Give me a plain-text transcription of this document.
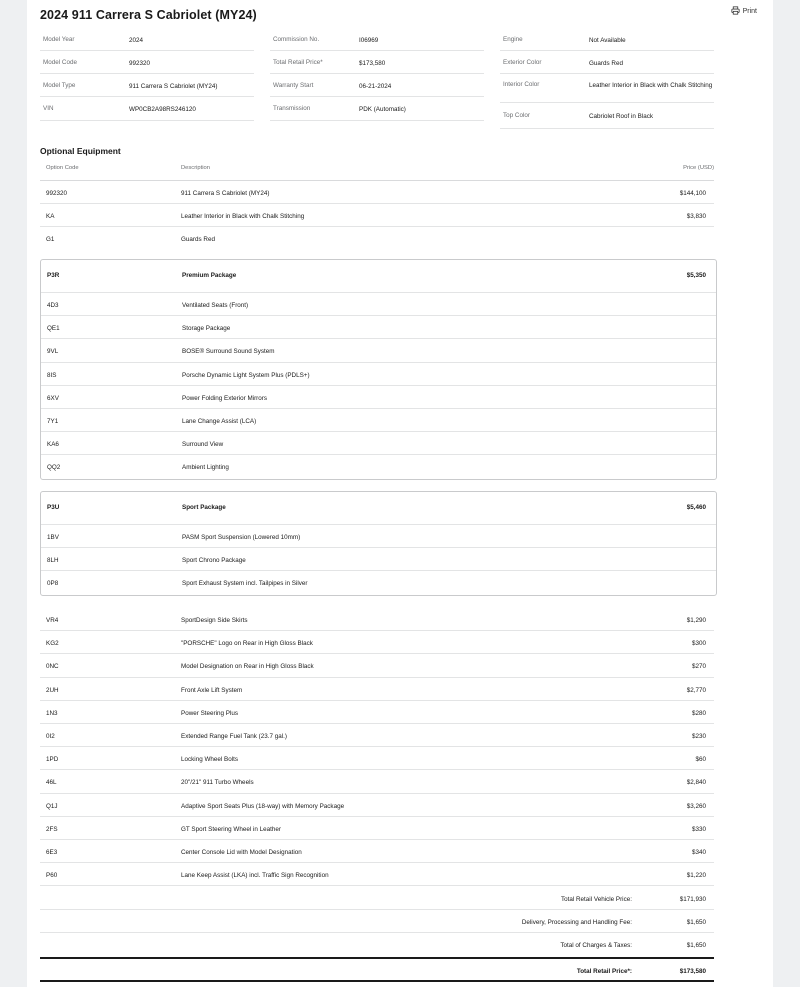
2024 911 Carrera S Cabriolet (MY24)	Print
Model Year	2024
Model Code	992320
Model Type	911 Carrera S Cabriolet (MY24)
VIN	WP0CB2A98RS246120
Commission No.	I06969
Total Retail Price*	$173,580
Warranty Start	06-21-2024
Transmission	PDK (Automatic)
Engine	Not Available
Exterior Color	Guards Red
Interior Color	Leather Interior in Black with Chalk Stitching
Top Color	Cabriolet Roof in Black
Optional Equipment
Option Code	Description	Price (USD)
992320	911 Carrera S Cabriolet (MY24)	$144,100
KA	Leather Interior in Black with Chalk Stitching	$3,830
G1	Guards Red
P3R	Premium Package	$5,350
4D3	Ventilated Seats (Front)
QE1	Storage Package
9VL	BOSE® Surround Sound System
8IS	Porsche Dynamic Light System Plus (PDLS+)
6XV	Power Folding Exterior Mirrors
7Y1	Lane Change Assist (LCA)
KA6	Surround View
QQ2	Ambient Lighting
P3U	Sport Package	$5,460
1BV	PASM Sport Suspension (Lowered 10mm)
8LH	Sport Chrono Package
0P8	Sport Exhaust System incl. Tailpipes in Silver
VR4	SportDesign Side Skirts	$1,290
KG2	"PORSCHE" Logo on Rear in High Gloss Black	$300
0NC	Model Designation on Rear in High Gloss Black	$270
2UH	Front Axle Lift System	$2,770
1N3	Power Steering Plus	$280
0I2	Extended Range Fuel Tank (23.7 gal.)	$230
1PD	Locking Wheel Bolts	$60
46L	20"/21" 911 Turbo Wheels	$2,840
Q1J	Adaptive Sport Seats Plus (18-way) with Memory Package	$3,260
2FS	GT Sport Steering Wheel in Leather	$330
6E3	Center Console Lid with Model Designation	$340
P60	Lane Keep Assist (LKA) incl. Traffic Sign Recognition	$1,220
Total Retail Vehicle Price:	$171,930
Delivery, Processing and Handling Fee:	$1,650
Total of Charges & Taxes:	$1,650
Total Retail Price*:	$173,580
